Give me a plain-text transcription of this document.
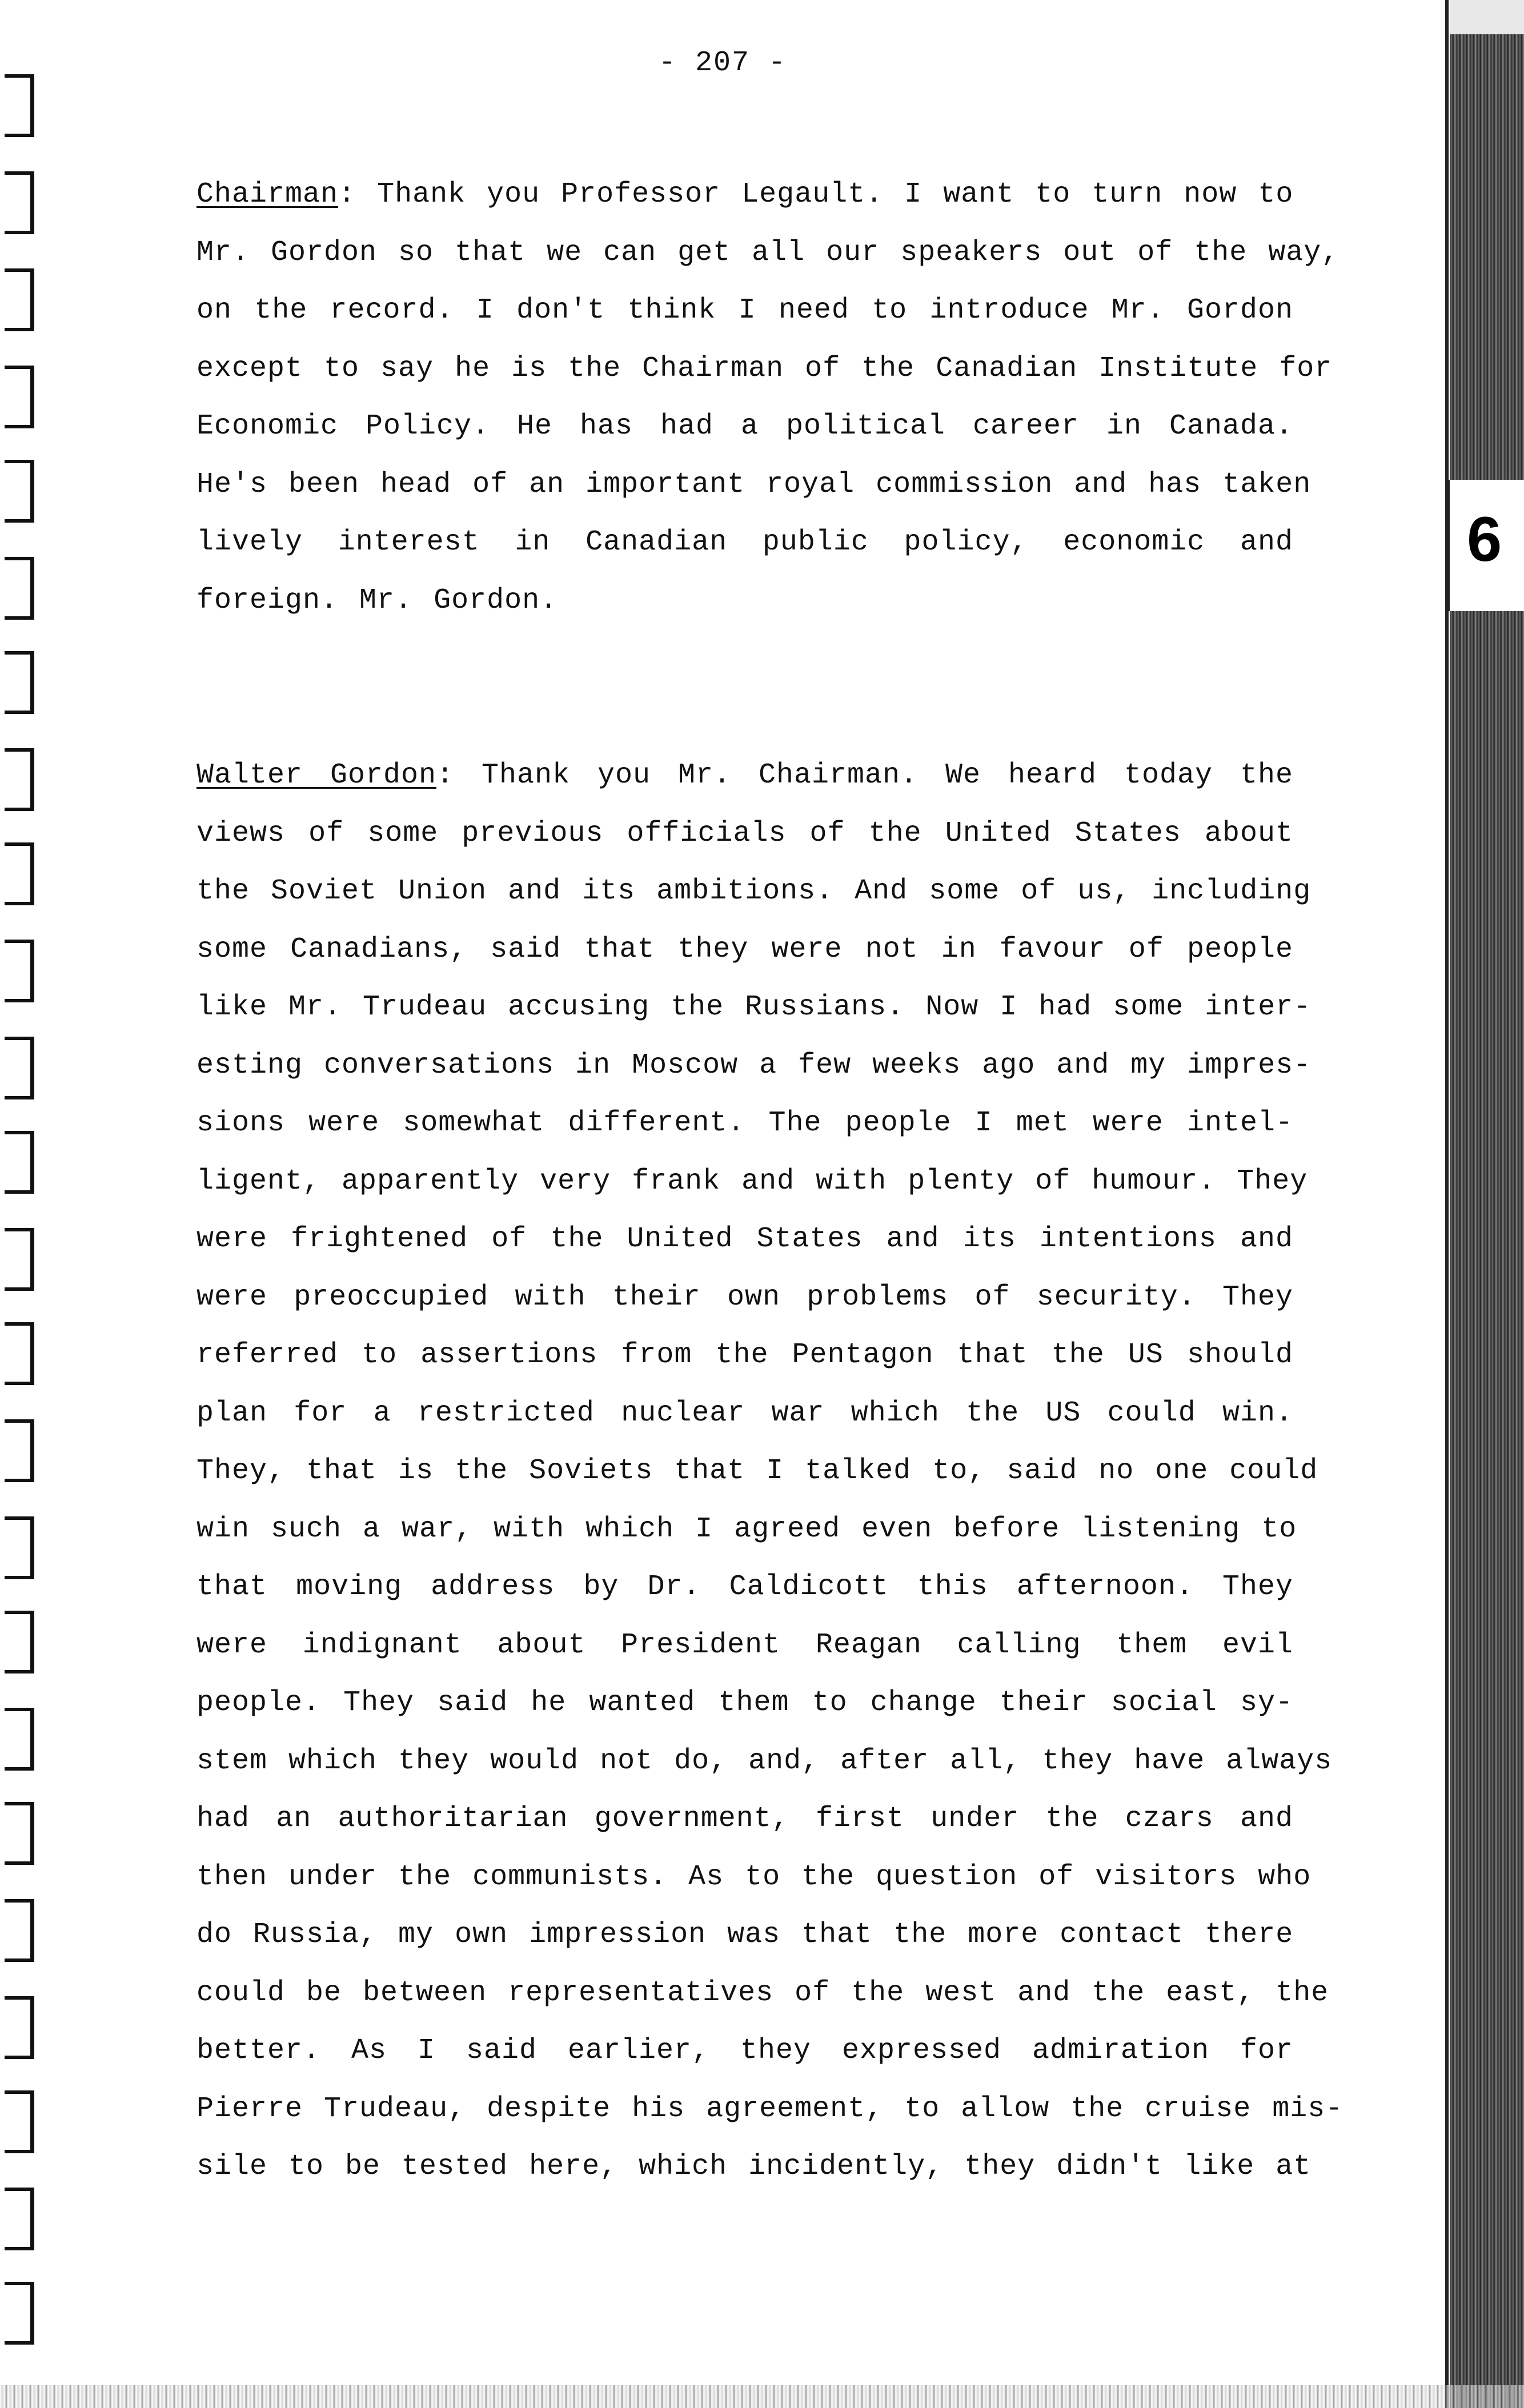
6
- 207 -
Chairman: Thank you Professor Legault. I want to turn now to
Mr. Gordon so that we can get all our speakers out of the way,
on the record. I don't think I need to introduce Mr. Gordon
except to say he is the Chairman of the Canadian Institute for
Economic Policy. He has had a political career in Canada.
He's been head of an important royal commission and has taken
lively interest in Canadian public policy, economic and
foreign. Mr. Gordon.
Walter Gordon: Thank you Mr. Chairman. We heard today the
views of some previous officials of the United States about
the Soviet Union and its ambitions. And some of us, including
some Canadians, said that they were not in favour of people
like Mr. Trudeau accusing the Russians. Now I had some inter-
esting conversations in Moscow a few weeks ago and my impres-
sions were somewhat different. The people I met were intel-
ligent, apparently very frank and with plenty of humour. They
were frightened of the United States and its intentions and
were preoccupied with their own problems of security. They
referred to assertions from the Pentagon that the US should
plan for a restricted nuclear war which the US could win.
They, that is the Soviets that I talked to, said no one could
win such a war, with which I agreed even before listening to
that moving address by Dr. Caldicott this afternoon. They
were indignant about President Reagan calling them evil
people. They said he wanted them to change their social sy-
stem which they would not do, and, after all, they have always
had an authoritarian government, first under the czars and
then under the communists. As to the question of visitors who
do Russia, my own impression was that the more contact there
could be between representatives of the west and the east, the
better. As I said earlier, they expressed admiration for
Pierre Trudeau, despite his agreement, to allow the cruise mis-
sile to be tested here, which incidently, they didn't like at
